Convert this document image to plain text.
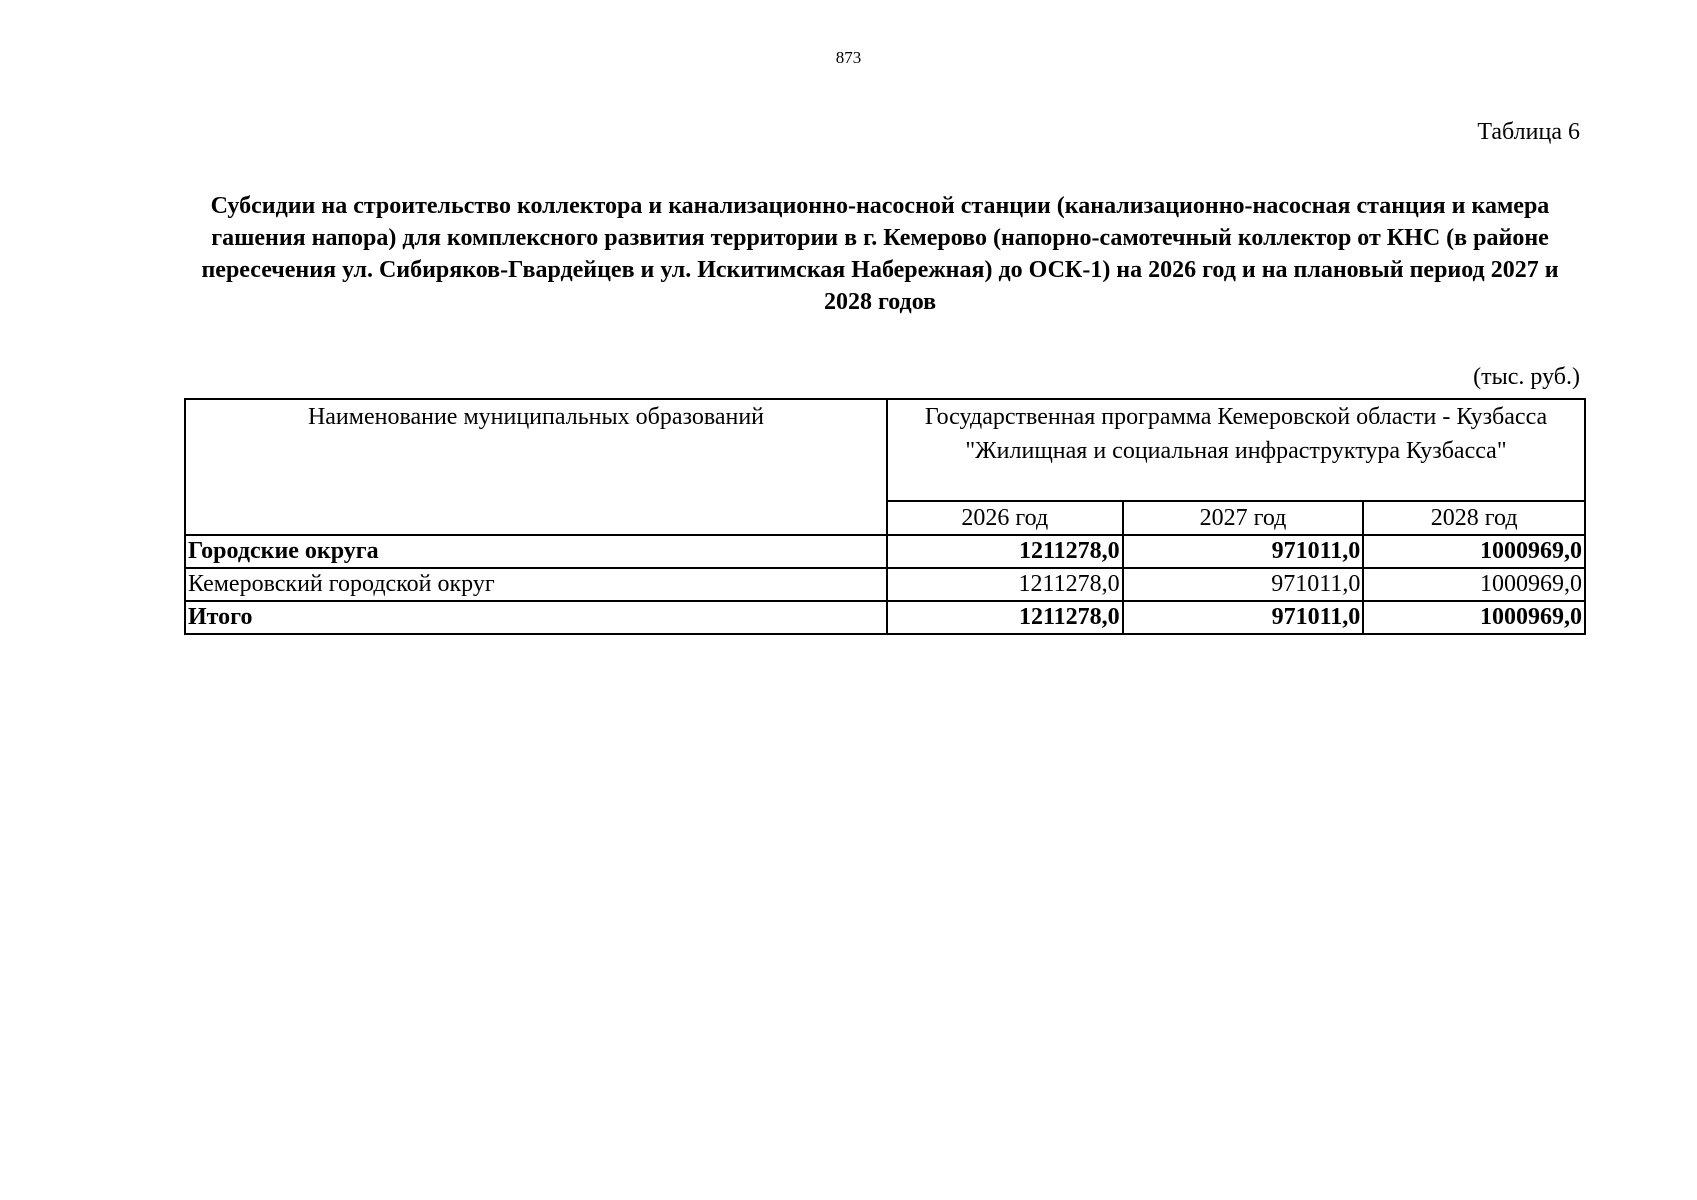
873
Таблица 6
Субсидии на строительство коллектора и канализационно-насосной станции (канализационно-насосная станция и камера гашения напора) для комплексного развития территории в г. Кемерово (напорно-самотечный коллектор от КНС (в районе пересечения ул. Сибиряков-Гвардейцев и ул. Искитимская Набережная) до ОСК-1) на 2026 год и на плановый период 2027 и 2028 годов
(тыс. руб.)
Наименование муниципальных образований	Государственная программа Кемеровской области - Кузбасса "Жилищная и социальная инфраструктура Кузбасса"		
	2026 год	2027 год	2028 год
Городские округа	1211278,0	971011,0	1000969,0
Кемеровский городской округ	1211278,0	971011,0	1000969,0
Итого	1211278,0	971011,0	1000969,0
